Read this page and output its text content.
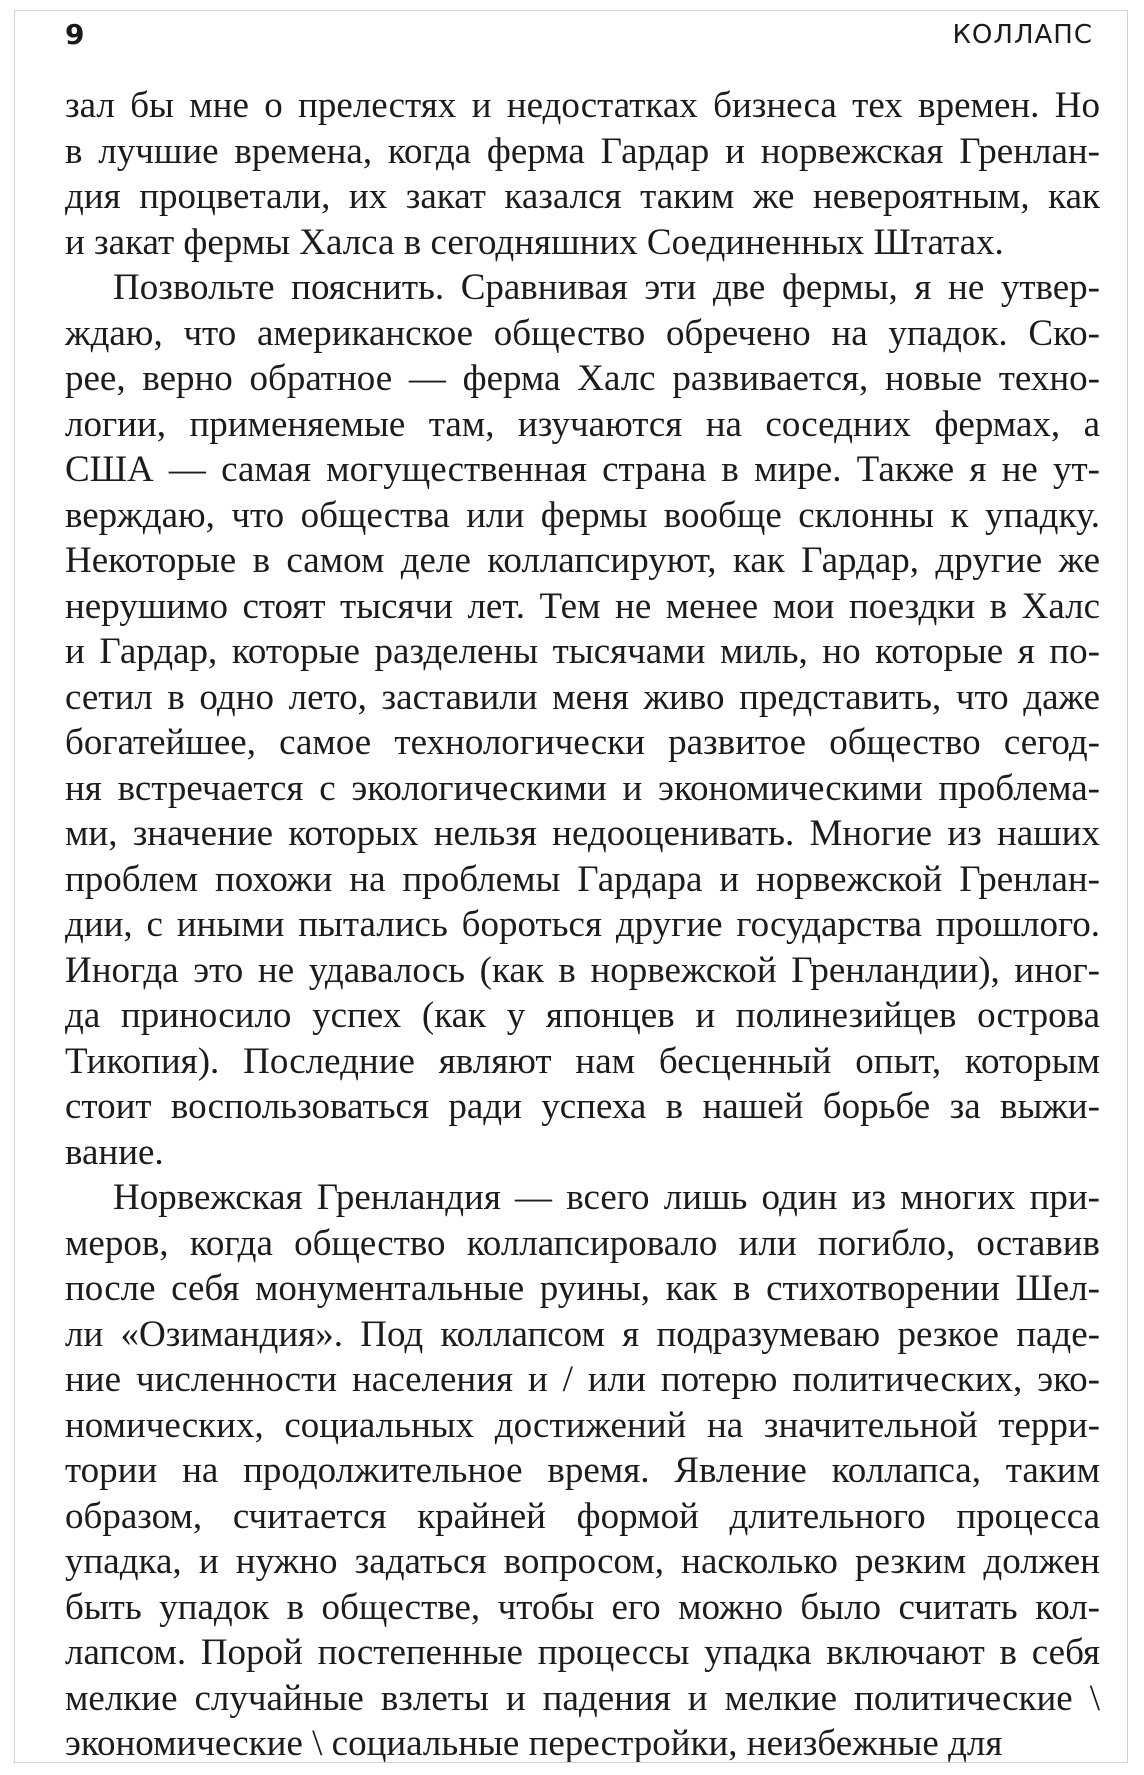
9	КОЛЛАПС
зал бы мне о прелестях и недостатках бизнеса тех времен. Но
в лучшие времена, когда ферма Гардар и норвежская Гренлан-
дия процветали, их закат казался таким же невероятным, как
и закат фермы Халса в сегодняшних Соединенных Штатах.
Позвольте пояснить. Сравнивая эти две фермы, я не утвер-
ждаю, что американское общество обречено на упадок. Ско-
рее, верно обратное — ферма Халс развивается, новые техно-
логии, применяемые там, изучаются на соседних фермах, а
США — самая могущественная страна в мире. Также я не ут-
верждаю, что общества или фермы вообще склонны к упадку.
Некоторые в самом деле коллапсируют, как Гардар, другие же
нерушимо стоят тысячи лет. Тем не менее мои поездки в Халс
и Гардар, которые разделены тысячами миль, но которые я по-
сетил в одно лето, заставили меня живо представить, что даже
богатейшее, самое технологически развитое общество сегод-
ня встречается с экологическими и экономическими проблема-
ми, значение которых нельзя недооценивать. Многие из наших
проблем похожи на проблемы Гардара и норвежской Гренлан-
дии, с иными пытались бороться другие государства прошлого.
Иногда это не удавалось (как в норвежской Гренландии), иног-
да приносило успех (как у японцев и полинезийцев острова
Тикопия). Последние являют нам бесценный опыт, которым
стоит воспользоваться ради успеха в нашей борьбе за выжи-
вание.
Норвежская Гренландия — всего лишь один из многих при-
меров, когда общество коллапсировало или погибло, оставив
после себя монументальные руины, как в стихотворении Шел-
ли «Озимандия». Под коллапсом я подразумеваю резкое паде-
ние численности населения и / или потерю политических, эко-
номических, социальных достижений на значительной терри-
тории на продолжительное время. Явление коллапса, таким
образом, считается крайней формой длительного процесса
упадка, и нужно задаться вопросом, насколько резким должен
быть упадок в обществе, чтобы его можно было считать кол-
лапсом. Порой постепенные процессы упадка включают в себя
мелкие случайные взлеты и падения и мелкие политические \
экономические \ социальные перестройки, неизбежные для
